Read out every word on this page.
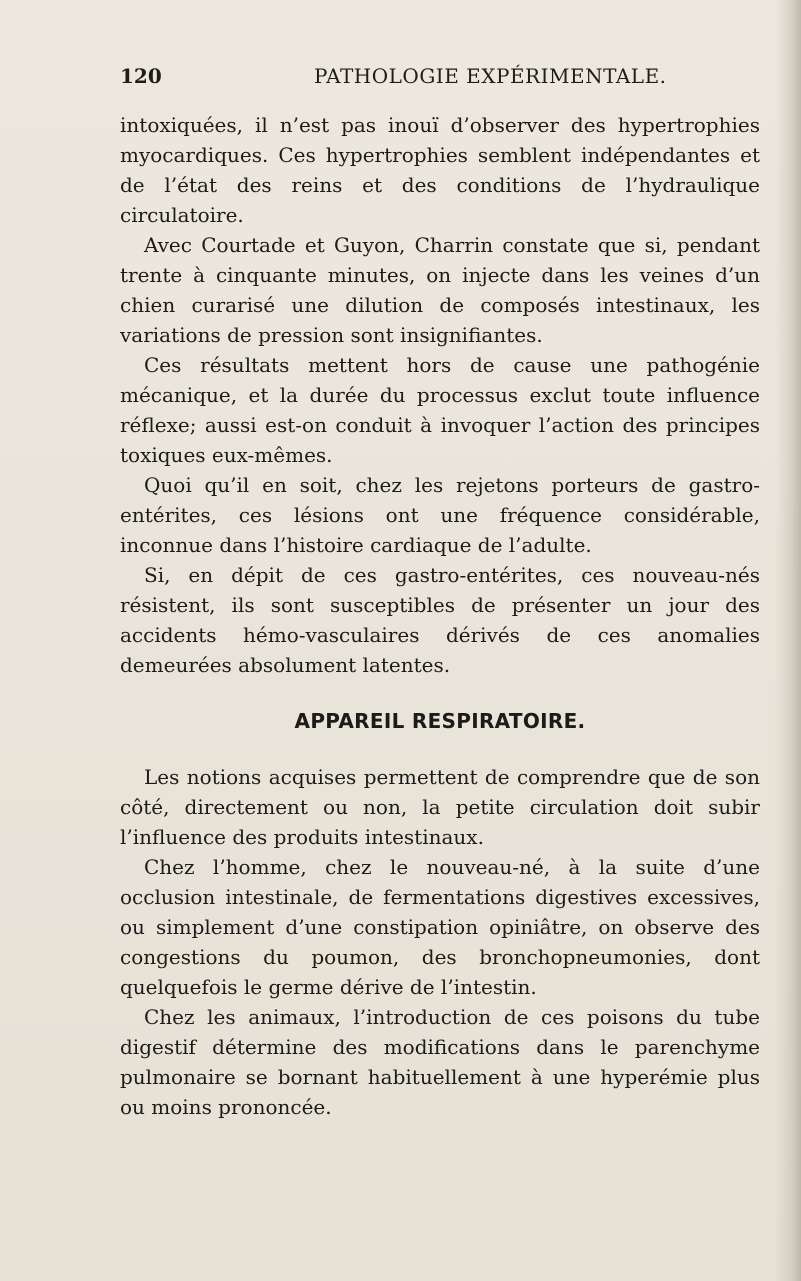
120	PATHOLOGIE EXPÉRIMENTALE.

intoxiquées, il n’est pas inouï d’observer des hypertrophies myocardiques. Ces hypertrophies semblent indépendantes et de l’état des reins et des conditions de l’hydraulique circulatoire.

Avec Courtade et Guyon, Charrin constate que si, pendant trente à cinquante minutes, on injecte dans les veines d’un chien curarisé une dilution de composés intestinaux, les variations de pression sont insignifiantes.

Ces résultats mettent hors de cause une pathogénie mécanique, et la durée du processus exclut toute influence réflexe; aussi est-on conduit à invoquer l’action des principes toxiques eux-mêmes.

Quoi qu’il en soit, chez les rejetons porteurs de gastro-entérites, ces lésions ont une fréquence considérable, inconnue dans l’histoire cardiaque de l’adulte.

Si, en dépit de ces gastro-entérites, ces nouveau-nés résistent, ils sont susceptibles de présenter un jour des accidents hémo-vasculaires dérivés de ces anomalies demeurées absolument latentes.

APPAREIL RESPIRATOIRE.

Les notions acquises permettent de comprendre que de son côté, directement ou non, la petite circulation doit subir l’influence des produits intestinaux.

Chez l’homme, chez le nouveau-né, à la suite d’une occlusion intestinale, de fermentations digestives excessives, ou simplement d’une constipation opiniâtre, on observe des congestions du poumon, des bronchopneumonies, dont quelquefois le germe dérive de l’intestin.

Chez les animaux, l’introduction de ces poisons du tube digestif détermine des modifications dans le parenchyme pulmonaire se bornant habituellement à une hyperémie plus ou moins prononcée.
